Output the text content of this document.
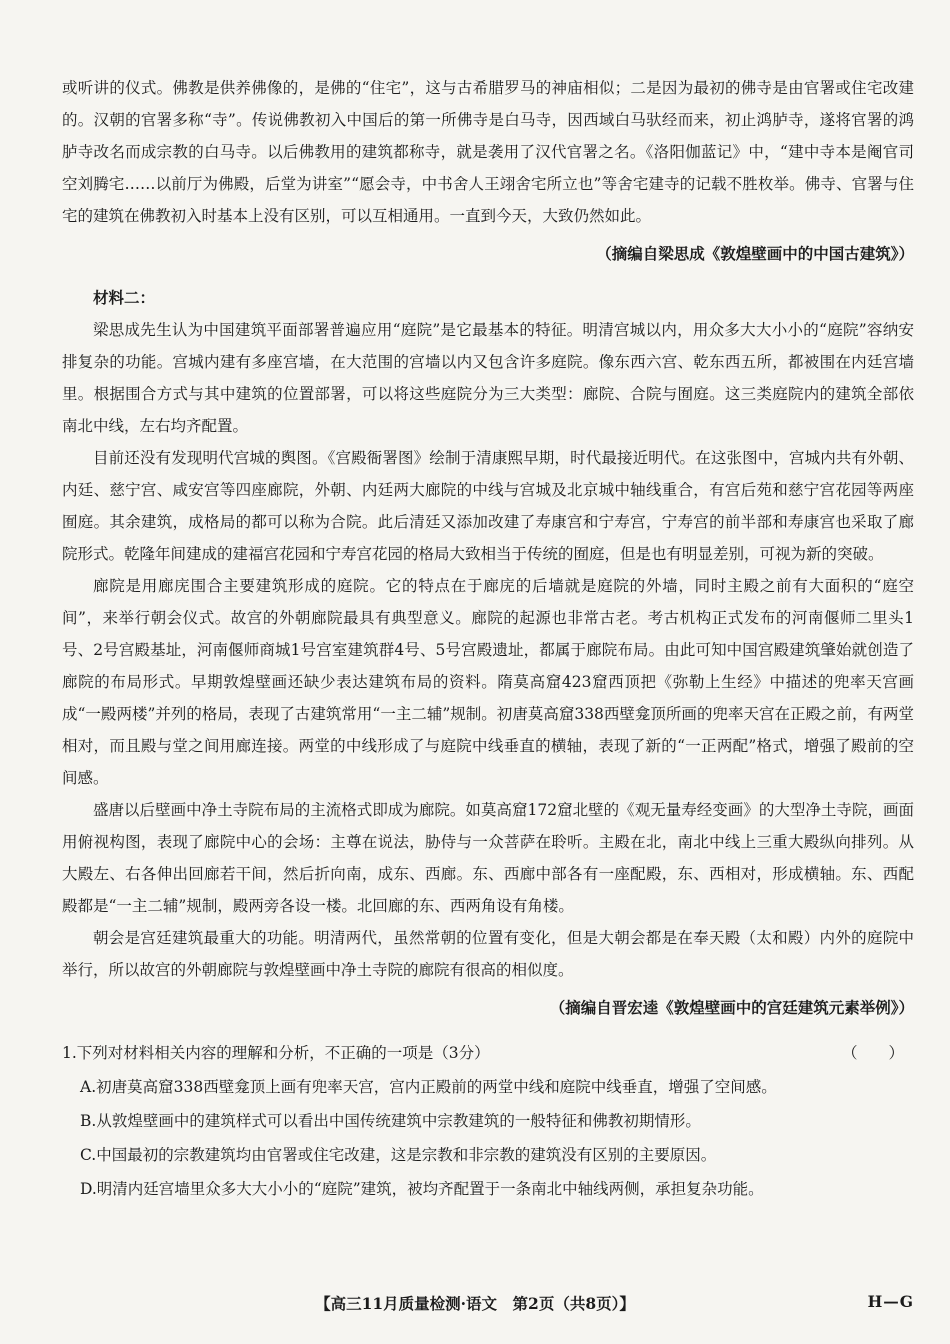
或听讲的仪式。佛教是供养佛像的，是佛的“住宅”，这与古希腊罗马的神庙相似；二是因为最初的佛寺是由官署或住宅改建的。汉朝的官署多称“寺”。传说佛教初入中国后的第一所佛寺是白马寺，因西域白马驮经而来，初止鸿胪寺，遂将官署的鸿胪寺改名而成宗教的白马寺。以后佛教用的建筑都称寺，就是袭用了汉代官署之名。《洛阳伽蓝记》中，“建中寺本是阉官司空刘腾宅……以前厅为佛殿，后堂为讲室”“愿会寺，中书舍人王翊舍宅所立也”等舍宅建寺的记载不胜枚举。佛寺、官署与住宅的建筑在佛教初入时基本上没有区别，可以互相通用。一直到今天，大致仍然如此。

（摘编自梁思成《敦煌壁画中的中国古建筑》）

材料二：

梁思成先生认为中国建筑平面部署普遍应用“庭院”是它最基本的特征。明清宫城以内，用众多大大小小的“庭院”容纳安排复杂的功能。宫城内建有多座宫墙，在大范围的宫墙以内又包含许多庭院。像东西六宫、乾东西五所，都被围在内廷宫墙里。根据围合方式与其中建筑的位置部署，可以将这些庭院分为三大类型：廊院、合院与囿庭。这三类庭院内的建筑全部依南北中线，左右均齐配置。

目前还没有发现明代宫城的舆图。《宫殿衙署图》绘制于清康熙早期，时代最接近明代。在这张图中，宫城内共有外朝、内廷、慈宁宫、咸安宫等四座廊院，外朝、内廷两大廊院的中线与宫城及北京城中轴线重合，有宫后苑和慈宁宫花园等两座囿庭。其余建筑，成格局的都可以称为合院。此后清廷又添加改建了寿康宫和宁寿宫，宁寿宫的前半部和寿康宫也采取了廊院形式。乾隆年间建成的建福宫花园和宁寿宫花园的格局大致相当于传统的囿庭，但是也有明显差别，可视为新的突破。

廊院是用廊庑围合主要建筑形成的庭院。它的特点在于廊庑的后墙就是庭院的外墙，同时主殿之前有大面积的“庭空间”，来举行朝会仪式。故宫的外朝廊院最具有典型意义。廊院的起源也非常古老。考古机构正式发布的河南偃师二里头1号、2号宫殿基址，河南偃师商城1号宫室建筑群4号、5号宫殿遗址，都属于廊院布局。由此可知中国宫殿建筑肇始就创造了廊院的布局形式。早期敦煌壁画还缺少表达建筑布局的资料。隋莫高窟423窟西顶把《弥勒上生经》中描述的兜率天宫画成“一殿两楼”并列的格局，表现了古建筑常用“一主二辅”规制。初唐莫高窟338西壁龛顶所画的兜率天宫在正殿之前，有两堂相对，而且殿与堂之间用廊连接。两堂的中线形成了与庭院中线垂直的横轴，表现了新的“一正两配”格式，增强了殿前的空间感。

盛唐以后壁画中净土寺院布局的主流格式即成为廊院。如莫高窟172窟北壁的《观无量寿经变画》的大型净土寺院，画面用俯视构图，表现了廊院中心的会场：主尊在说法，胁侍与一众菩萨在聆听。主殿在北，南北中线上三重大殿纵向排列。从大殿左、右各伸出回廊若干间，然后折向南，成东、西廊。东、西廊中部各有一座配殿，东、西相对，形成横轴。东、西配殿都是“一主二辅”规制，殿两旁各设一楼。北回廊的东、西两角设有角楼。

朝会是宫廷建筑最重大的功能。明清两代，虽然常朝的位置有变化，但是大朝会都是在奉天殿（太和殿）内外的庭院中举行，所以故宫的外朝廊院与敦煌壁画中净土寺院的廊院有很高的相似度。

（摘编自晋宏逵《敦煌壁画中的宫廷建筑元素举例》）
1.下列对材料相关内容的理解和分析，不正确的一项是（3分）	（　　）
A.初唐莫高窟338西壁龛顶上画有兜率天宫，宫内正殿前的两堂中线和庭院中线垂直，增强了空间感。
B.从敦煌壁画中的建筑样式可以看出中国传统建筑中宗教建筑的一般特征和佛教初期情形。
C.中国最初的宗教建筑均由官署或住宅改建，这是宗教和非宗教的建筑没有区别的主要原因。
D.明清内廷宫墙里众多大大小小的“庭院”建筑，被均齐配置于一条南北中轴线两侧，承担复杂功能。
【高三11月质量检测·语文　第2页（共8页）】	H—G
